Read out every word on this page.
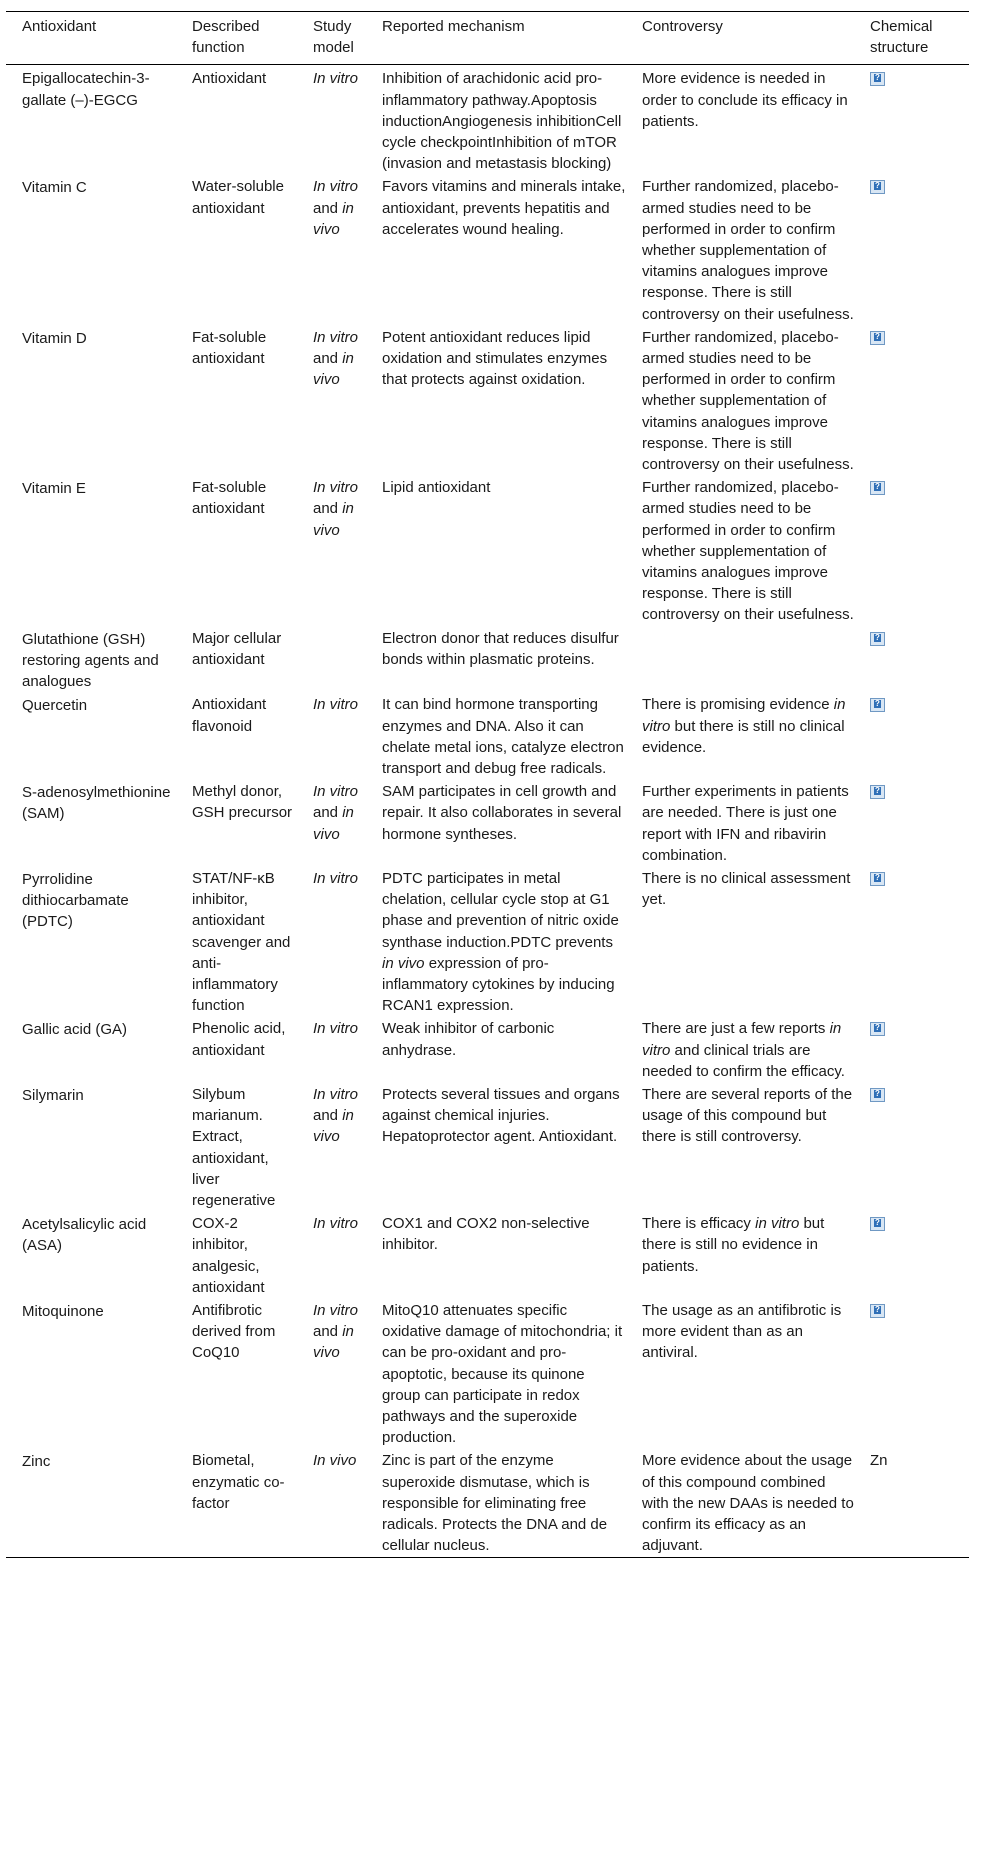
Antioxidant	Described function	Study model	Reported mechanism	Controversy	Chemical structure
Epigallocatechin-3-gallate (–)-EGCG	Antioxidant	In vitro	Inhibition of arachidonic acid pro-inflammatory pathway.Apoptosis inductionAngiogenesis inhibitionCell cycle checkpointInhibition of mTOR (invasion and metastasis blocking)	More evidence is needed in order to conclude its efficacy in patients.	?
Vitamin C	Water-soluble antioxidant	In vitro and in vivo	Favors vitamins and minerals intake, antioxidant, prevents hepatitis and accelerates wound healing.	Further randomized, placebo-armed studies need to be performed in order to confirm whether supplementation of vitamins analogues improve response. There is still controversy on their usefulness.	?
Vitamin D	Fat-soluble antioxidant	In vitro and in vivo	Potent antioxidant reduces lipid oxidation and stimulates enzymes that protects against oxidation.	Further randomized, placebo-armed studies need to be performed in order to confirm whether supplementation of vitamins analogues improve response. There is still controversy on their usefulness.	?
Vitamin E	Fat-soluble antioxidant	In vitro and in vivo	Lipid antioxidant	Further randomized, placebo-armed studies need to be performed in order to confirm whether supplementation of vitamins analogues improve response. There is still controversy on their usefulness.	?
Glutathione (GSH) restoring agents and analogues	Major cellular antioxidant		Electron donor that reduces disulfur bonds within plasmatic proteins.		?
Quercetin	Antioxidant flavonoid	In vitro	It can bind hormone transporting enzymes and DNA. Also it can chelate metal ions, catalyze electron transport and debug free radicals.	There is promising evidence in vitro but there is still no clinical evidence.	?
S-adenosylmethionine (SAM)	Methyl donor, GSH precursor	In vitro and in vivo	SAM participates in cell growth and repair. It also collaborates in several hormone syntheses.	Further experiments in patients are needed. There is just one report with IFN and ribavirin combination.	?
Pyrrolidine dithiocarbamate (PDTC)	STAT/NF-κB inhibitor, antioxidant scavenger and anti-inflammatory function	In vitro	PDTC participates in metal chelation, cellular cycle stop at G1 phase and prevention of nitric oxide synthase induction.PDTC prevents in vivo expression of pro-inflammatory cytokines by inducing RCAN1 expression.	There is no clinical assessment yet.	?
Gallic acid (GA)	Phenolic acid, antioxidant	In vitro	Weak inhibitor of carbonic anhydrase.	There are just a few reports in vitro and clinical trials are needed to confirm the efficacy.	?
Silymarin	Silybum marianum. Extract, antioxidant, liver regenerative	In vitro and in vivo	Protects several tissues and organs against chemical injuries. Hepatoprotector agent. Antioxidant.	There are several reports of the usage of this compound but there is still controversy.	?
Acetylsalicylic acid (ASA)	COX-2 inhibitor, analgesic, antioxidant	In vitro	COX1 and COX2 non-selective inhibitor.	There is efficacy in vitro but there is still no evidence in patients.	?
Mitoquinone	Antifibrotic derived from CoQ10	In vitro and in vivo	MitoQ10 attenuates specific oxidative damage of mitochondria; it can be pro-oxidant and pro-apoptotic, because its quinone group can participate in redox pathways and the superoxide production.	The usage as an antifibrotic is more evident than as an antiviral.	?
Zinc	Biometal, enzymatic co-factor	In vivo	Zinc is part of the enzyme superoxide dismutase, which is responsible for eliminating free radicals. Protects the DNA and de cellular nucleus.	More evidence about the usage of this compound combined with the new DAAs is needed to confirm its efficacy as an adjuvant.	Zn
